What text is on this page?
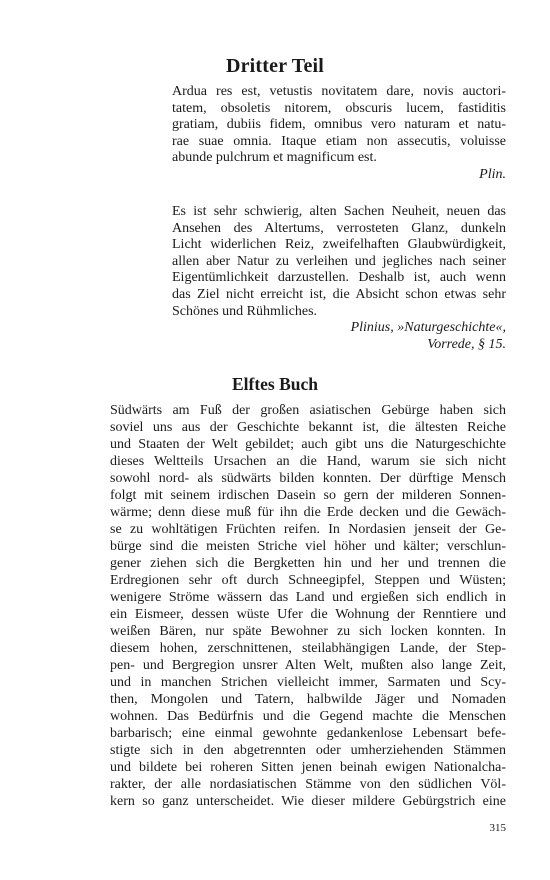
Dritter Teil
Ardua res est, vetustis novitatem dare, novis auctori-
tatem, obsoletis nitorem, obscuris lucem, fastiditis
gratiam, dubiis fidem, omnibus vero naturam et natu-
rae suae omnia. Itaque etiam non assecutis, voluisse
abunde pulchrum et magnificum est.
Plin.
Es ist sehr schwierig, alten Sachen Neuheit, neuen das
Ansehen des Altertums, verrosteten Glanz, dunkeln
Licht widerlichen Reiz, zweifelhaften Glaubwürdigkeit,
allen aber Natur zu verleihen und jegliches nach seiner
Eigentümlichkeit darzustellen. Deshalb ist, auch wenn
das Ziel nicht erreicht ist, die Absicht schon etwas sehr
Schönes und Rühmliches.
Plinius, »Naturgeschichte«,
Vorrede, § 15.
Elftes Buch
Südwärts am Fuß der großen asiatischen Gebürge haben sich
soviel uns aus der Geschichte bekannt ist, die ältesten Reiche
und Staaten der Welt gebildet; auch gibt uns die Naturgeschichte
dieses Weltteils Ursachen an die Hand, warum sie sich nicht
sowohl nord- als südwärts bilden konnten. Der dürftige Mensch
folgt mit seinem irdischen Dasein so gern der milderen Sonnen-
wärme; denn diese muß für ihn die Erde decken und die Gewäch-
se zu wohltätigen Früchten reifen. In Nordasien jenseit der Ge-
bürge sind die meisten Striche viel höher und kälter; verschlun-
gener ziehen sich die Bergketten hin und her und trennen die
Erdregionen sehr oft durch Schneegipfel, Steppen und Wüsten;
wenigere Ströme wässern das Land und ergießen sich endlich in
ein Eismeer, dessen wüste Ufer die Wohnung der Renntiere und
weißen Bären, nur späte Bewohner zu sich locken konnten. In
diesem hohen, zerschnittenen, steilabhängigen Lande, der Step-
pen- und Bergregion unsrer Alten Welt, mußten also lange Zeit,
und in manchen Strichen vielleicht immer, Sarmaten und Scy-
then, Mongolen und Tatern, halbwilde Jäger und Nomaden
wohnen. Das Bedürfnis und die Gegend machte die Menschen
barbarisch; eine einmal gewohnte gedankenlose Lebensart befe-
stigte sich in den abgetrennten oder umherziehenden Stämmen
und bildete bei roheren Sitten jenen beinah ewigen Nationalcha-
rakter, der alle nordasiatischen Stämme von den südlichen Völ-
kern so ganz unterscheidet. Wie dieser mildere Gebürgstrich eine
315
